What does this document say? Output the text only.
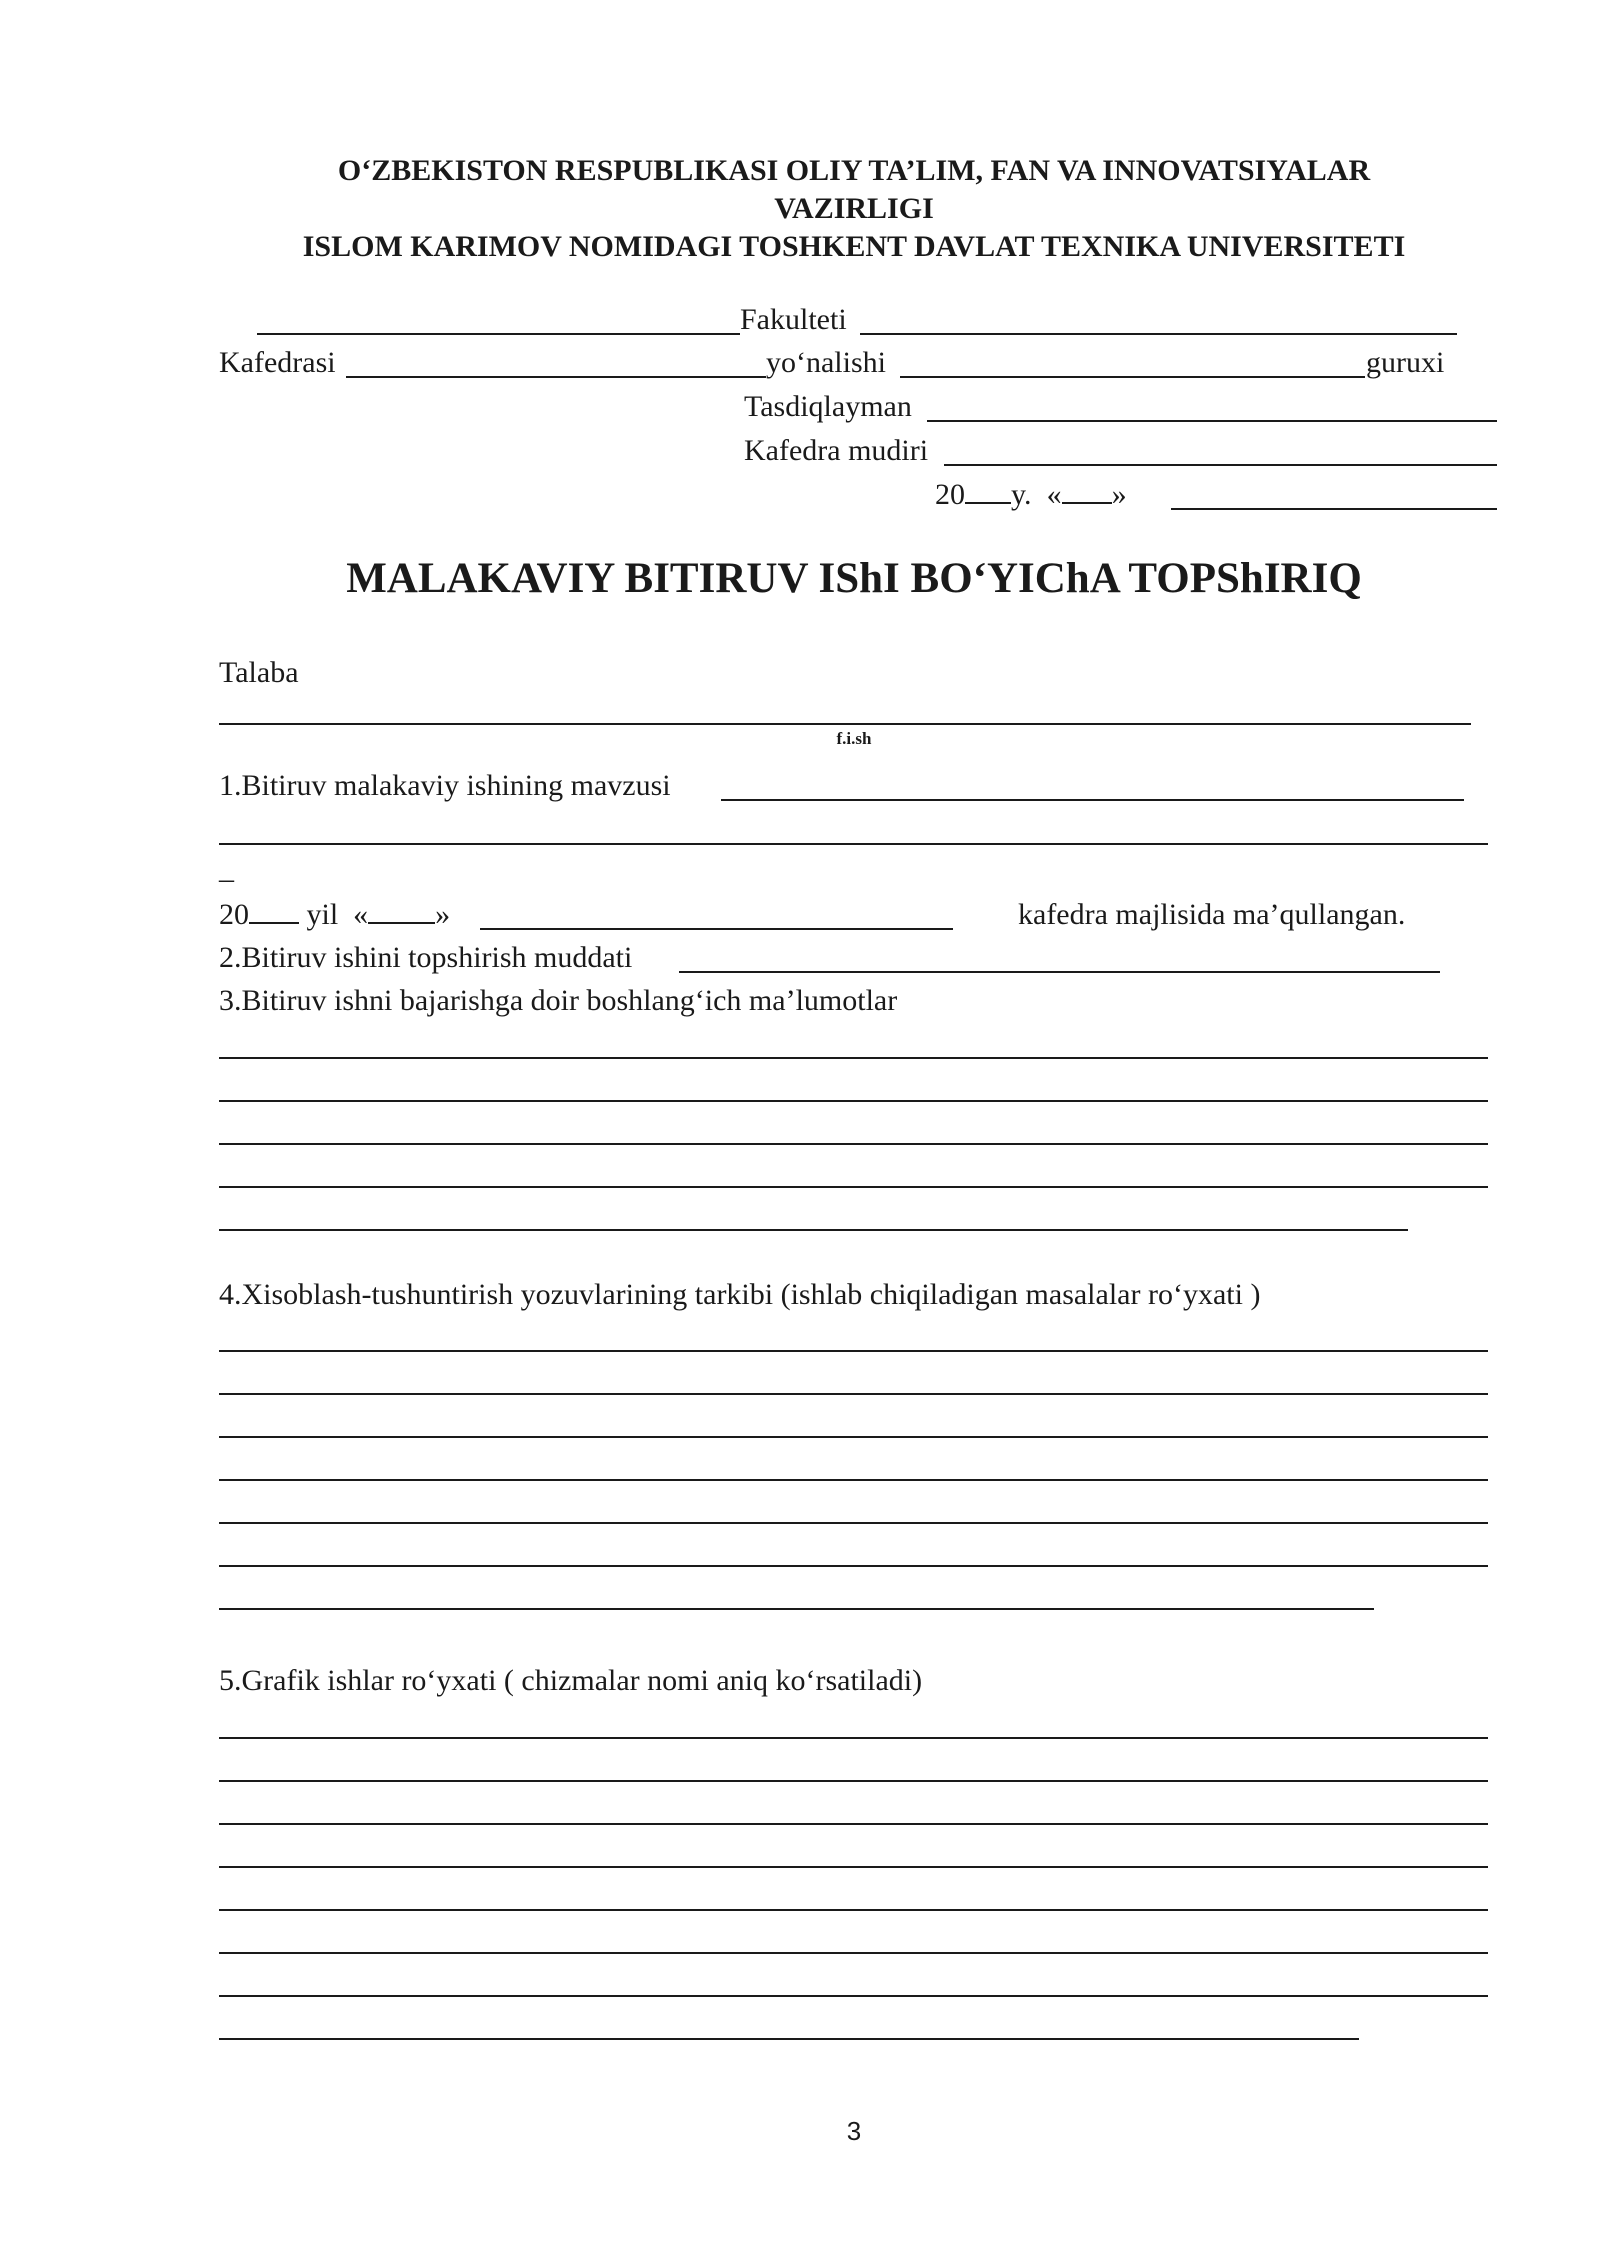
O‘ZBEKISTON RESPUBLIKASI OLIY TA’LIM, FAN VA INNOVATSIYALAR
VAZIRLIGI
ISLOM KARIMOV NOMIDAGI TOSHKENT DAVLAT TEXNIKA UNIVERSITETI
Fakulteti
Kafedrasi	yo‘nalishi	guruxi
Tasdiqlayman
Kafedra mudiri
20 y. « »
MALAKAVIY BITIRUV IShI BO‘YIChA TOPShIRIQ
Talaba
f.i.sh
1.Bitiruv malakaviy ishining mavzusi
_
20 yil « »	kafedra majlisida ma’qullangan.
2.Bitiruv ishini topshirish muddati
3.Bitiruv ishni bajarishga doir boshlang‘ich ma’lumotlar
4.Xisoblash-tushuntirish yozuvlarining tarkibi (ishlab chiqiladigan masalalar ro‘yxati )
5.Grafik ishlar ro‘yxati ( chizmalar nomi aniq ko‘rsatiladi)
3
